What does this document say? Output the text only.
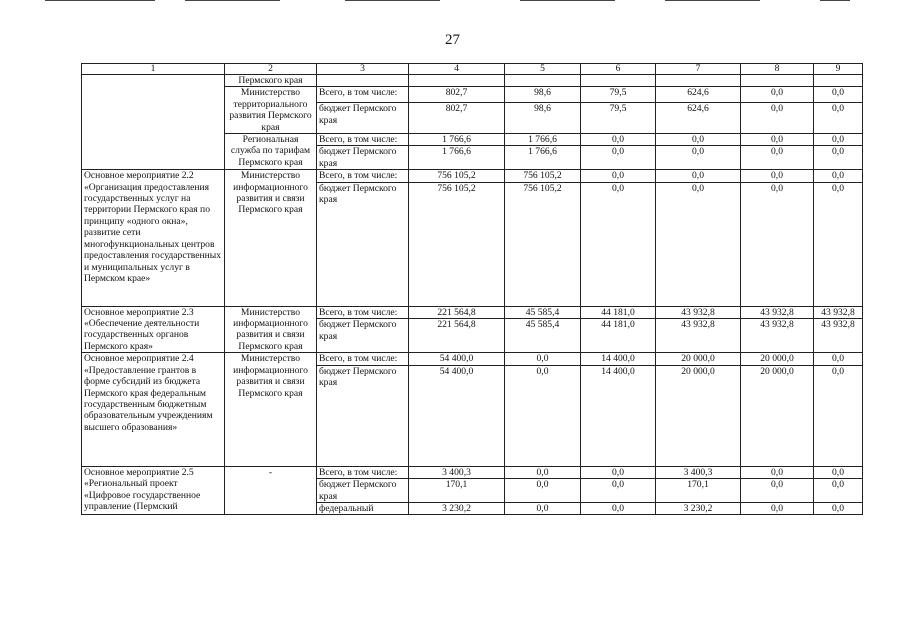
27
1	2	3	4	5	6	7	8	9
	Пермского края							
	Министерство территориального развития Пермского края	Всего, в том числе:	802,7	98,6	79,5	624,6	0,0	0,0
		бюджет Пермского края	802,7	98,6	79,5	624,6	0,0	0,0
	Региональная служба по тарифам Пермского края	Всего, в том числе:	1 766,6	1 766,6	0,0	0,0	0,0	0,0
		бюджет Пермского края	1 766,6	1 766,6	0,0	0,0	0,0	0,0
Основное мероприятие 2.2 «Организация предоставления государственных услуг на территории Пермского края по принципу «одного окна», развитие сети многофункциональных центров предоставления государственных и муниципальных услуг в Пермском крае»	Министерство информационного развития и связи Пермского края	Всего, в том числе:	756 105,2	756 105,2	0,0	0,0	0,0	0,0
		бюджет Пермского края	756 105,2	756 105,2	0,0	0,0	0,0	0,0
Основное мероприятие 2.3 «Обеспечение деятельности государственных органов Пермского края»	Министерство информационного развития и связи Пермского края	Всего, в том числе:	221 564,8	45 585,4	44 181,0	43 932,8	43 932,8	43 932,8
		бюджет Пермского края	221 564,8	45 585,4	44 181,0	43 932,8	43 932,8	43 932,8
Основное мероприятие 2.4 «Предоставление грантов в форме субсидий из бюджета Пермского края федеральным государственным бюджетным образовательным учреждениям высшего образования»	Министерство информационного развития и связи Пермского края	Всего, в том числе:	54 400,0	0,0	14 400,0	20 000,0	20 000,0	0,0
		бюджет Пермского края	54 400,0	0,0	14 400,0	20 000,0	20 000,0	0,0
Основное мероприятие 2.5 «Региональный проект «Цифровое государственное управление (Пермский	-	Всего, в том числе:	3 400,3	0,0	0,0	3 400,3	0,0	0,0
		бюджет Пермского края	170,1	0,0	0,0	170,1	0,0	0,0
		федеральный	3 230,2	0,0	0,0	3 230,2	0,0	0,0
